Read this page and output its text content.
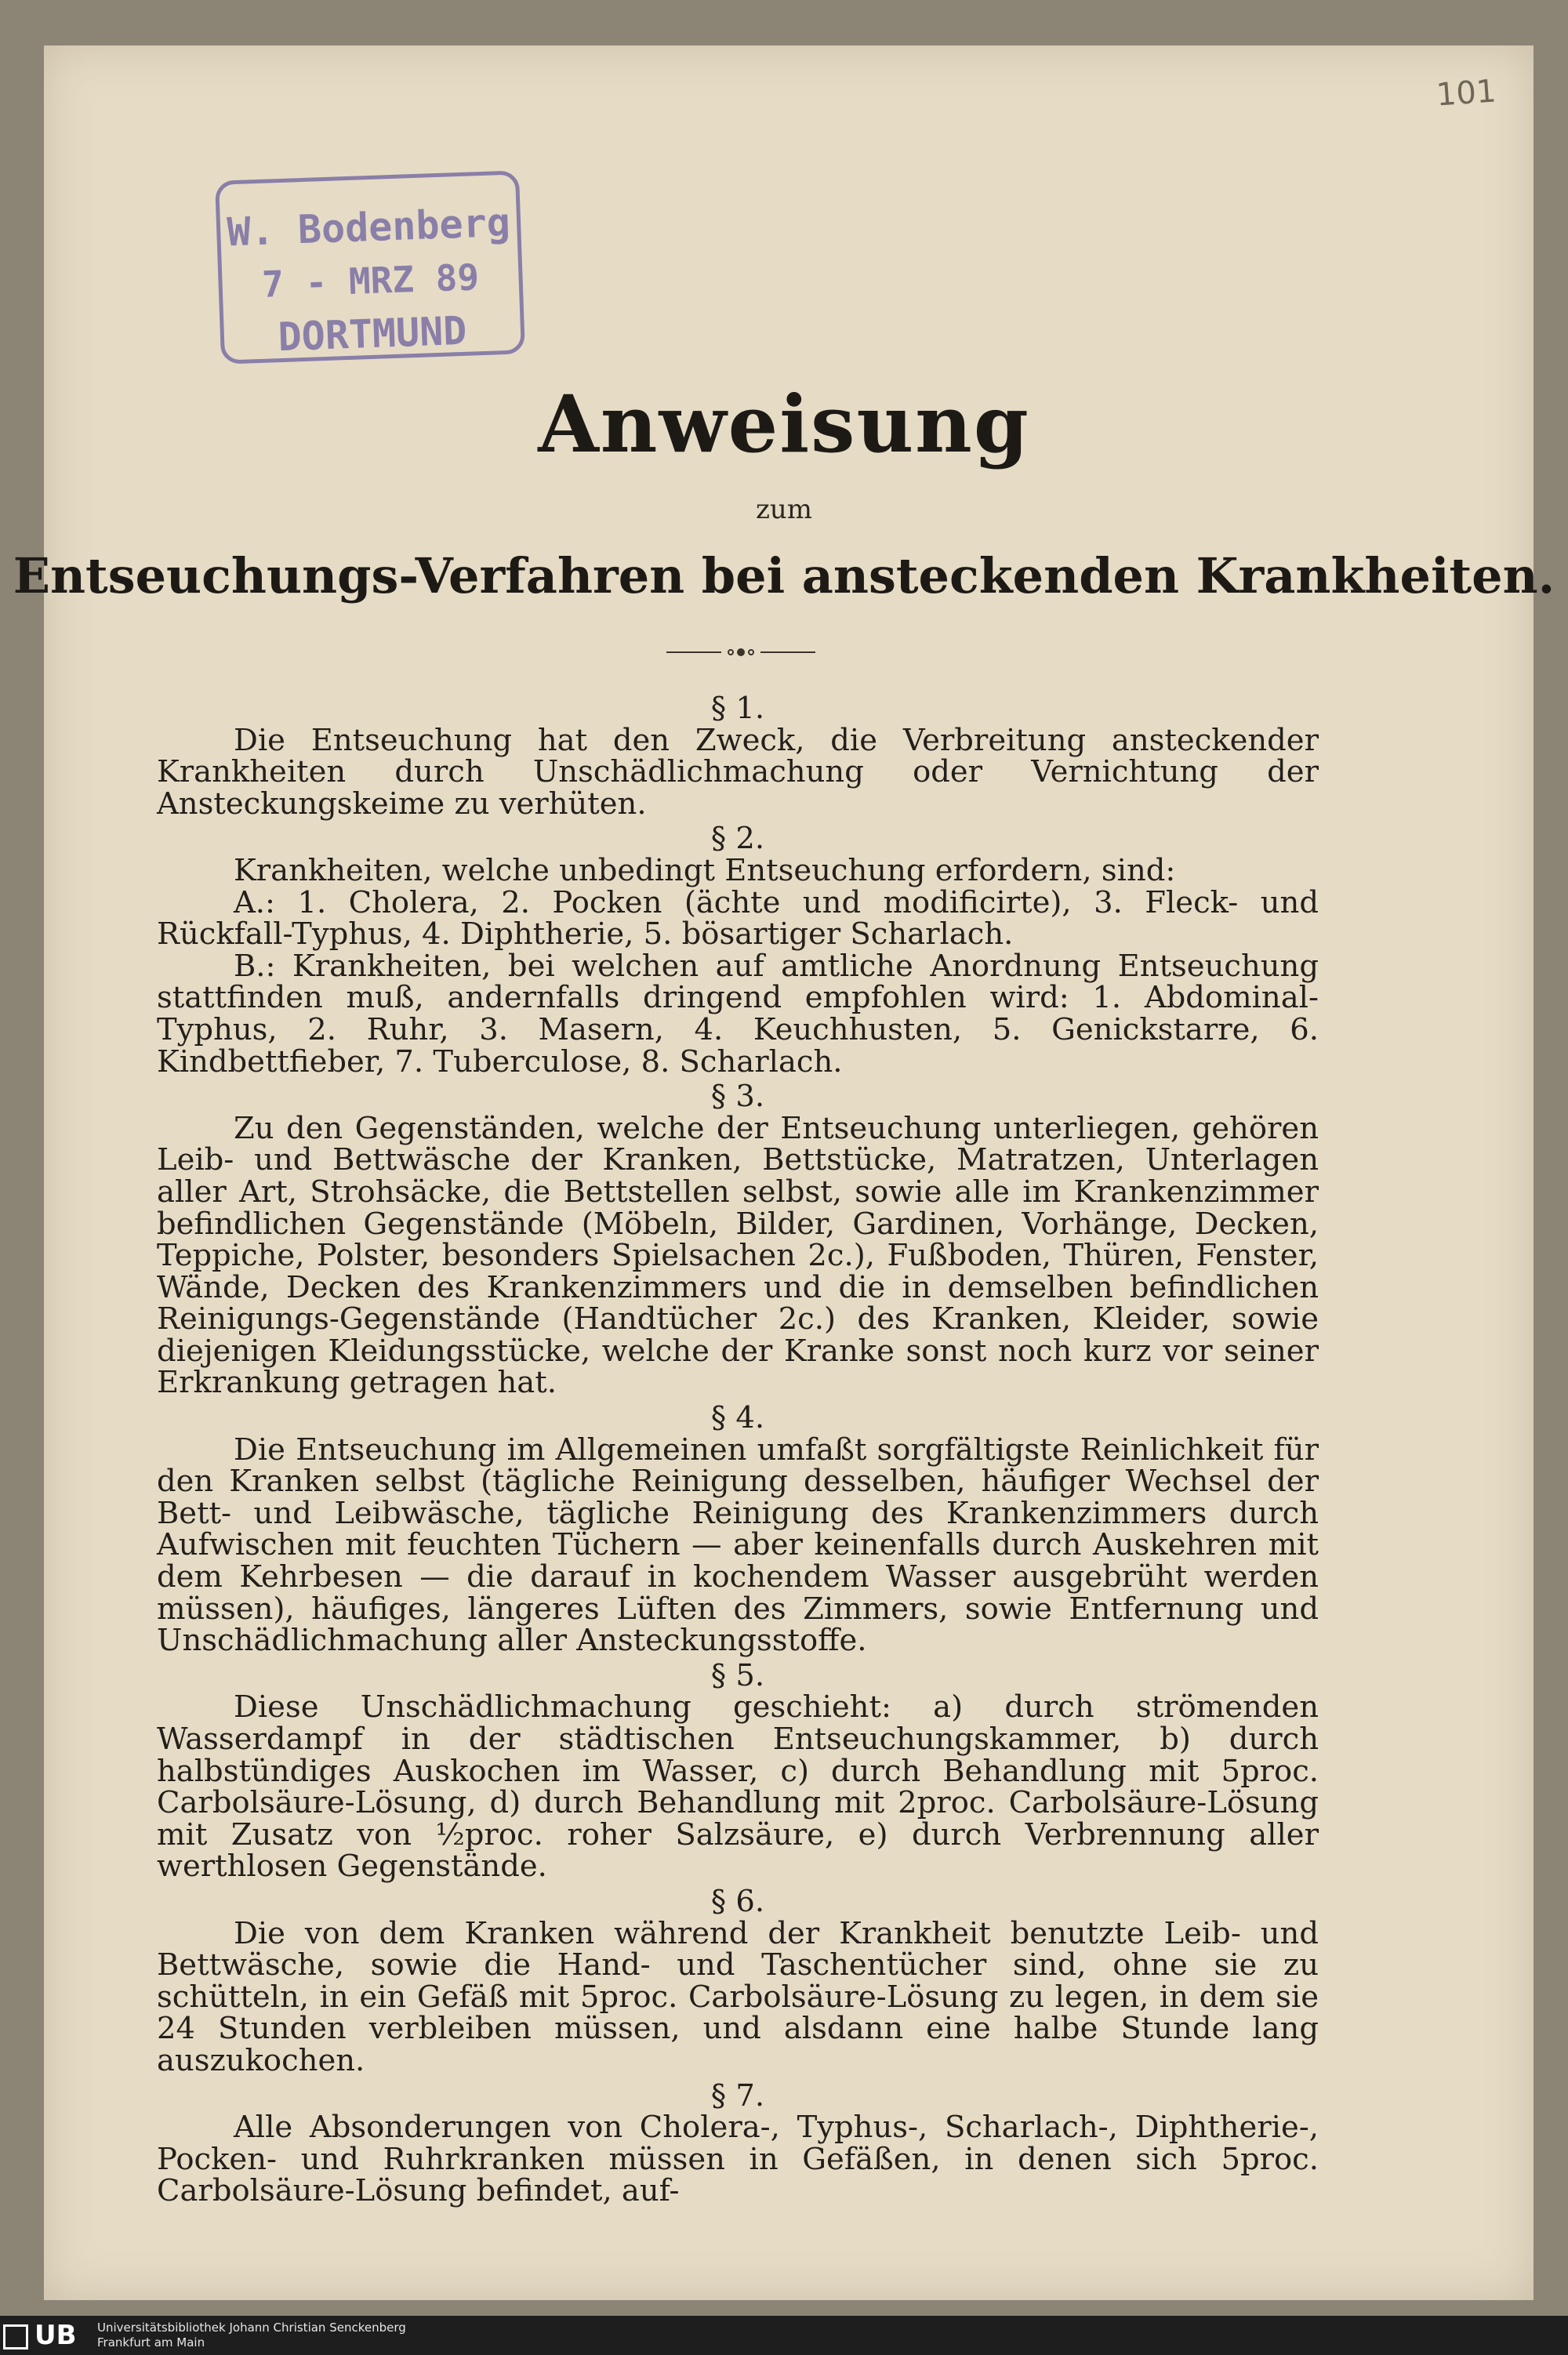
101
W. Bodenberg
7 - MRZ 89
DORTMUND
Anweisung
zum
Entseuchungs-Verfahren bei ansteckenden Krankheiten.
§ 1.

Die Entseuchung hat den Zweck, die Verbreitung ansteckender Krankheiten durch Unschädlichmachung oder Vernichtung der Ansteckungskeime zu verhüten.

§ 2.

Krankheiten, welche unbedingt Entseuchung erfordern, sind:

A.: 1. Cholera, 2. Pocken (ächte und modificirte), 3. Fleck- und Rückfall-Typhus, 4. Diphtherie, 5. bösartiger Scharlach.

B.: Krankheiten, bei welchen auf amtliche Anordnung Entseuchung stattfinden muß, andernfalls dringend empfohlen wird: 1. Abdominal-Typhus, 2. Ruhr, 3. Masern, 4. Keuchhusten, 5. Genickstarre, 6. Kindbettfieber, 7. Tuberculose, 8. Scharlach.

§ 3.

Zu den Gegenständen, welche der Entseuchung unterliegen, gehören Leib- und Bettwäsche der Kranken, Bettstücke, Matratzen, Unterlagen aller Art, Strohsäcke, die Bettstellen selbst, sowie alle im Krankenzimmer befindlichen Gegenstände (Möbeln, Bilder, Gardinen, Vorhänge, Decken, Teppiche, Polster, besonders Spielsachen 2c.), Fußboden, Thüren, Fenster, Wände, Decken des Krankenzimmers und die in demselben befindlichen Reinigungs-Gegenstände (Handtücher 2c.) des Kranken, Kleider, sowie diejenigen Kleidungsstücke, welche der Kranke sonst noch kurz vor seiner Erkrankung getragen hat.

§ 4.

Die Entseuchung im Allgemeinen umfaßt sorgfältigste Reinlichkeit für den Kranken selbst (tägliche Reinigung desselben, häufiger Wechsel der Bett- und Leibwäsche, tägliche Reinigung des Krankenzimmers durch Aufwischen mit feuchten Tüchern — aber keinenfalls durch Auskehren mit dem Kehrbesen — die darauf in kochendem Wasser ausgebrüht werden müssen), häufiges, längeres Lüften des Zimmers, sowie Entfernung und Unschädlichmachung aller Ansteckungsstoffe.

§ 5.

Diese Unschädlichmachung geschieht: a) durch strömenden Wasserdampf in der städtischen Entseuchungskammer, b) durch halbstündiges Auskochen im Wasser, c) durch Behandlung mit 5proc. Carbolsäure-Lösung, d) durch Behandlung mit 2proc. Carbolsäure-Lösung mit Zusatz von ½proc. roher Salzsäure, e) durch Verbrennung aller werthlosen Gegenstände.

§ 6.

Die von dem Kranken während der Krankheit benutzte Leib- und Bettwäsche, sowie die Hand- und Taschentücher sind, ohne sie zu schütteln, in ein Gefäß mit 5proc. Carbolsäure-Lösung zu legen, in dem sie 24 Stunden verbleiben müssen, und alsdann eine halbe Stunde lang auszukochen.

§ 7.

Alle Absonderungen von Cholera-, Typhus-, Scharlach-, Diphtherie-, Pocken- und Ruhrkranken müssen in Gefäßen, in denen sich 5proc. Carbolsäure-Lösung befindet, auf-

UB	Universitätsbibliothek Johann Christian Senckenberg
Frankfurt am Main
